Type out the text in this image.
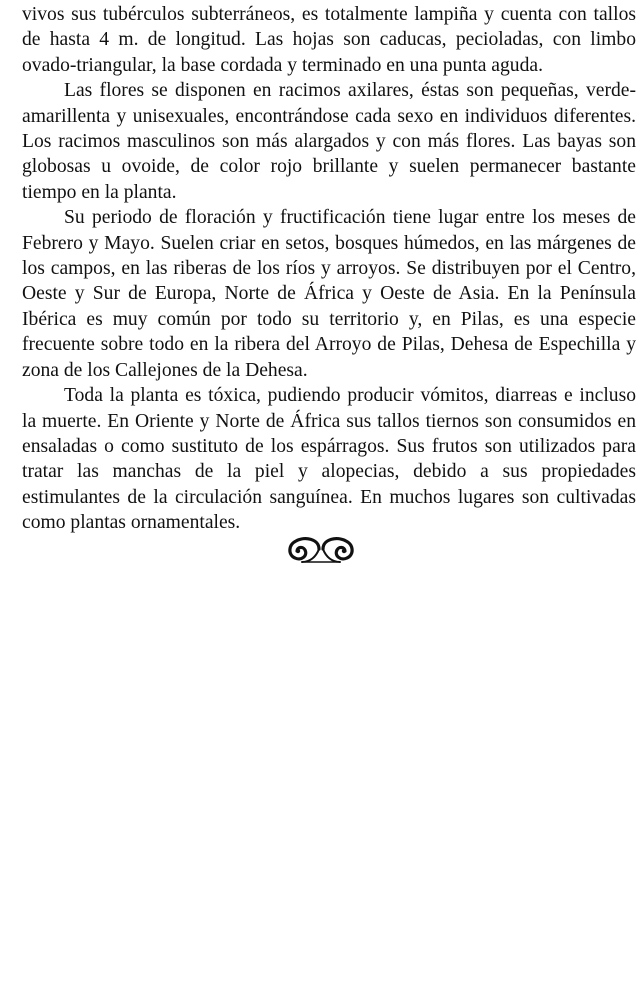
vivos sus tubérculos subterráneos, es totalmente lampiña y cuenta con tallos de hasta 4 m. de longitud. Las hojas son caducas, pecioladas, con limbo ovado-triangular, la base cordada y terminado en una punta aguda.

Las flores se disponen en racimos axilares, éstas son pequeñas, verde-amarillenta y unisexuales, encontrándose cada sexo en individuos diferentes. Los racimos masculinos son más alargados y con más flores. Las bayas son globosas u ovoide, de color rojo brillante y suelen permanecer bastante tiempo en la planta.

Su periodo de floración y fructificación tiene lugar entre los meses de Febrero y Mayo. Suelen criar en setos, bosques húmedos, en las márgenes de los campos, en las riberas de los ríos y arroyos. Se distribuyen por el Centro, Oeste y Sur de Europa, Norte de África y Oeste de Asia. En la Península Ibérica es muy común por todo su territorio y, en Pilas, es una especie frecuente sobre todo en la ribera del Arroyo de Pilas, Dehesa de Espechilla y zona de los Callejones de la Dehesa.

Toda la planta es tóxica, pudiendo producir vómitos, diarreas e incluso la muerte. En Oriente y Norte de África sus tallos tiernos son consumidos en ensaladas o como sustituto de los espárragos. Sus frutos son utilizados para tratar las manchas de la piel y alopecias, debido a sus propiedades estimulantes de la circulación sanguínea. En muchos lugares son cultivadas como plantas ornamentales.
